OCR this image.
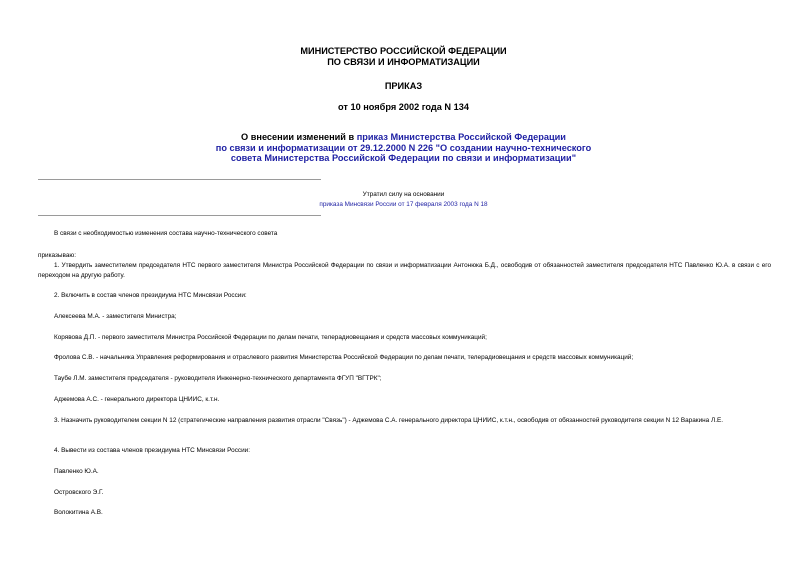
МИНИСТЕРСТВО РОССИЙСКОЙ ФЕДЕРАЦИИ
ПО СВЯЗИ И ИНФОРМАТИЗАЦИИ
ПРИКАЗ
от 10 ноября 2002 года N 134
О внесении изменений в приказ Министерства Российской Федерации
по связи и информатизации от 29.12.2000 N 226 "О создании научно-технического
совета Министерства Российской Федерации по связи и информатизации"
Утратил силу на основании
приказа Минсвязи России от 17 февраля 2003 года N 18
В связи с необходимостью изменения состава научно-технического совета
приказываю:
1. Утвердить заместителем председателя НТС первого заместителя Министра Российской Федерации по связи и информатизации Антонюка Б.Д., освободив от обязанностей заместителя председателя НТС Павленко Ю.А. в связи с его переходом на другую работу.
2. Включить в состав членов президиума НТС Минсвязи России:
Алексеева М.А. - заместителя Министра;
Корявова Д.П. - первого заместителя Министра Российской Федерации по делам печати, телерадиовещания и средств массовых коммуникаций;
Фролова С.В. - начальника Управления реформирования и отраслевого развития Министерства Российской Федерации по делам печати, телерадиовещания и средств массовых коммуникаций;
Таубе Л.М. заместителя председателя - руководителя Инженерно-технического департамента ФГУП "ВГТРК";
Аджемова А.С. - генерального директора ЦНИИС, к.т.н.
3. Назначить руководителем секции N 12 (стратегические направления развития отрасли "Связь") - Аджемова С.А. генерального директора ЦНИИС, к.т.н., освободив от обязанностей руководителя секции N 12 Варакина Л.Е.
4. Вывести из состава членов президиума НТС Минсвязи России:
Павленко Ю.А.
Островского Э.Г.
Волокитина А.В.
